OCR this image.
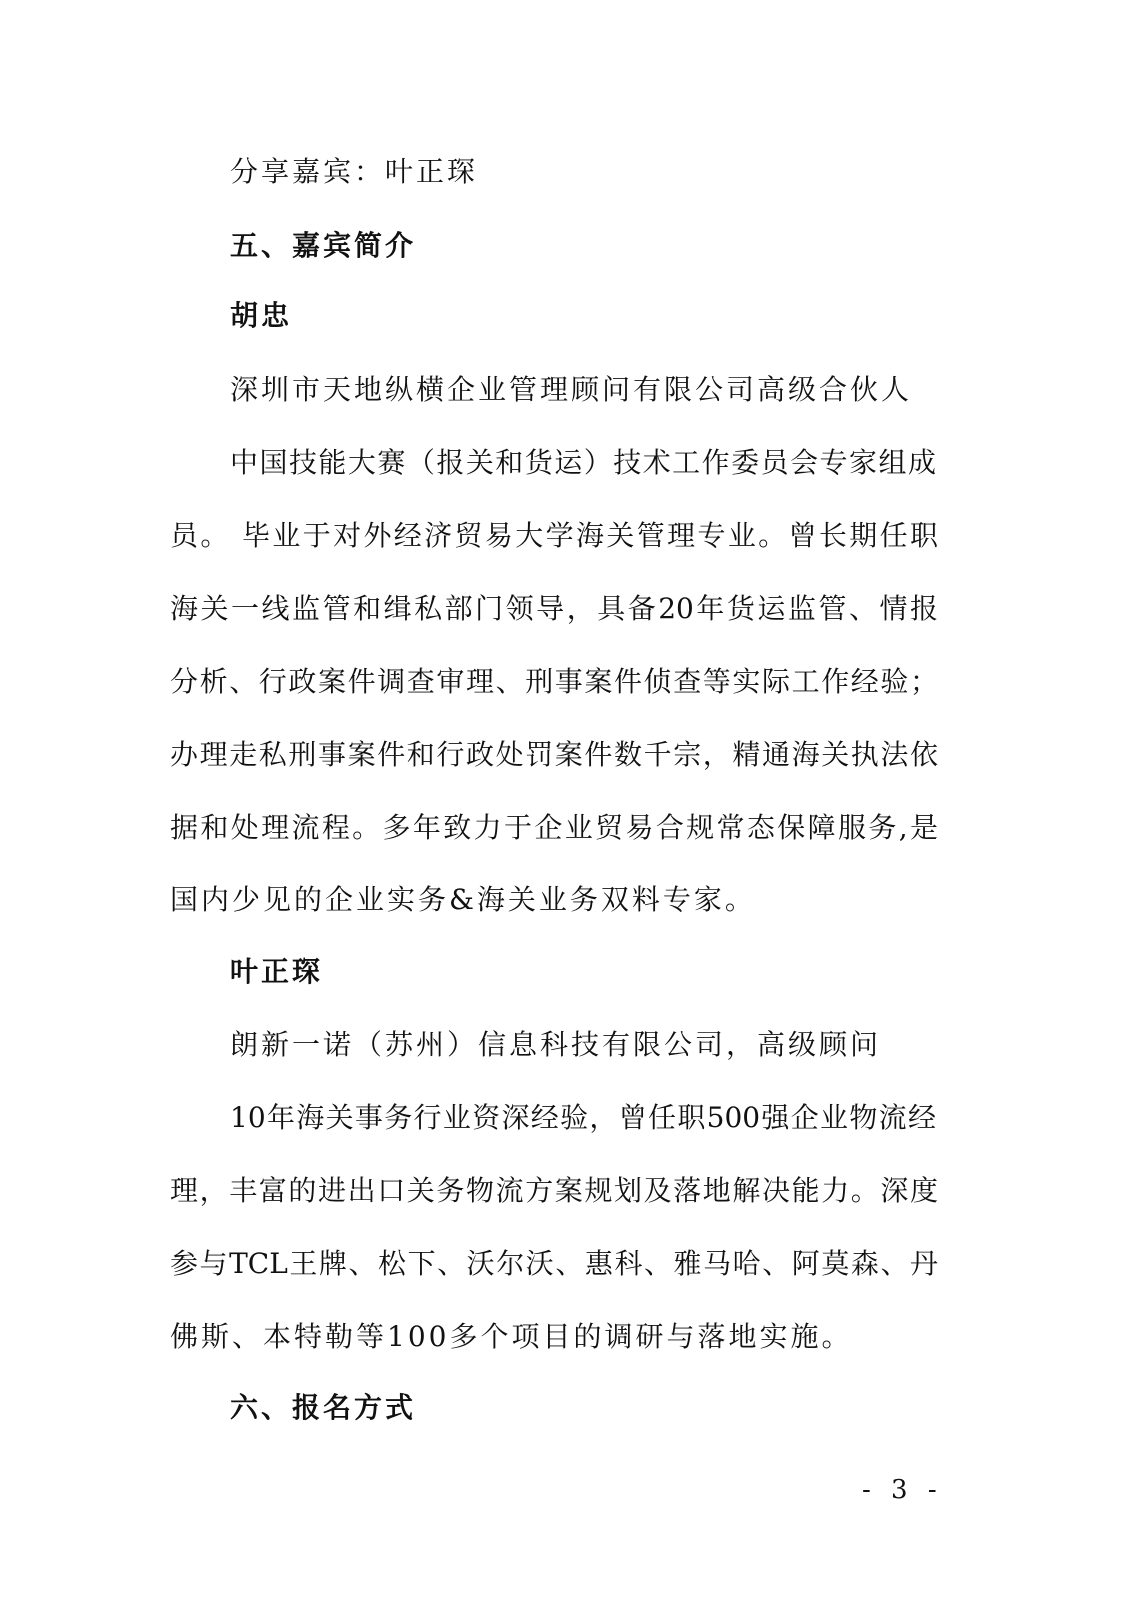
分享嘉宾：叶正琛

五、嘉宾简介

胡忠

深圳市天地纵横企业管理顾问有限公司高级合伙人

中国技能大赛（报关和货运）技术工作委员会专家组成

员。 毕业于对外经济贸易大学海关管理专业。曾长期任职

海关一线监管和缉私部门领导，具备20年货运监管、情报

分析、行政案件调查审理、刑事案件侦查等实际工作经验；

办理走私刑事案件和行政处罚案件数千宗，精通海关执法依

据和处理流程。多年致力于企业贸易合规常态保障服务,是

国内少见的企业实务&海关业务双料专家。

叶正琛

朗新一诺（苏州）信息科技有限公司，高级顾问

10年海关事务行业资深经验，曾任职500强企业物流经

理，丰富的进出口关务物流方案规划及落地解决能力。深度

参与TCL王牌、松下、沃尔沃、惠科、雅马哈、阿莫森、丹

佛斯、本特勒等100多个项目的调研与落地实施。

六、报名方式

- 3 -
